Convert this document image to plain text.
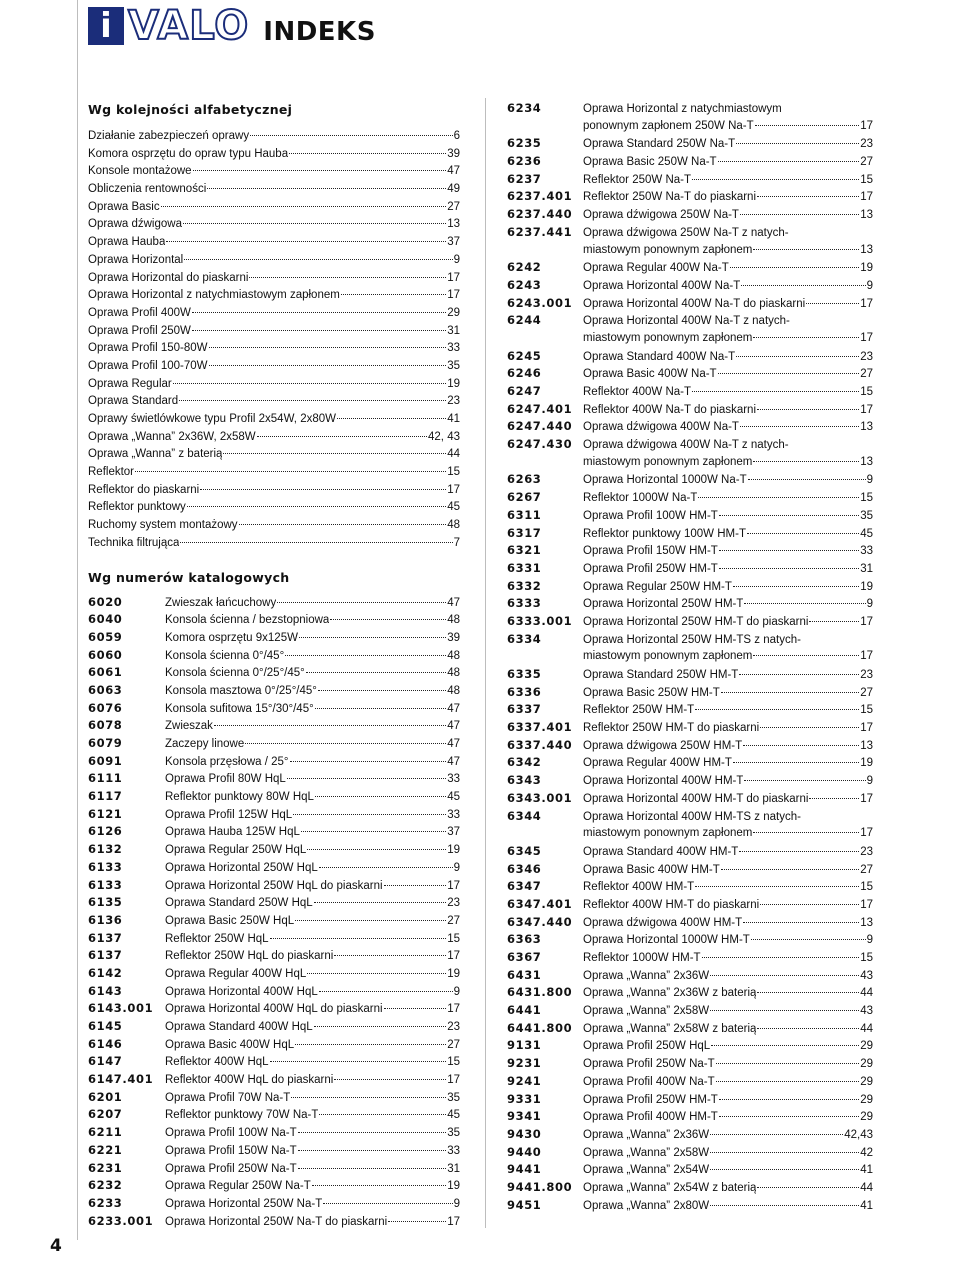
i VALO INDEKS
4
Wg kolejności alfabetycznej
Działanie zabezpieczeń oprawy	6
Komora osprzętu do opraw typu Hauba	39
Konsole montażowe	47
Obliczenia rentowności	49
Oprawa Basic	27
Oprawa dźwigowa	13
Oprawa Hauba	37
Oprawa Horizontal	9
Oprawa Horizontal do piaskarni	17
Oprawa Horizontal z natychmiastowym zapłonem	17
Oprawa Profil 400W	29
Oprawa Profil 250W	31
Oprawa Profil 150-80W	33
Oprawa Profil 100-70W	35
Oprawa Regular	19
Oprawa Standard	23
Oprawy świetlówkowe typu Profil 2x54W, 2x80W	41
Oprawa „Wanna” 2x36W, 2x58W	42, 43
Oprawa „Wanna” z baterią	44
Reflektor	15
Reflektor do piaskarni	17
Reflektor punktowy	45
Ruchomy system montażowy	48
Technika filtrująca	7
Wg numerów katalogowych
6020	Zwieszak łańcuchowy	47
6040	Konsola ścienna / bezstopniowa	48
6059	Komora osprzętu 9x125W	39
6060	Konsola ścienna 0°/45°	48
6061	Konsola ścienna 0°/25°/45°	48
6063	Konsola masztowa 0°/25°/45°	48
6076	Konsola sufitowa 15°/30°/45°	47
6078	Zwieszak	47
6079	Zaczepy linowe	47
6091	Konsola przęsłowa / 25°	47
6111	Oprawa Profil 80W HqL	33
6117	Reflektor punktowy 80W HqL	45
6121	Oprawa Profil 125W HqL	33
6126	Oprawa Hauba 125W HqL	37
6132	Oprawa Regular 250W HqL	19
6133	Oprawa Horizontal 250W HqL	9
6133	Oprawa Horizontal 250W HqL do piaskarni	17
6135	Oprawa Standard 250W HqL	23
6136	Oprawa Basic 250W HqL	27
6137	Reflektor 250W HqL	15
6137	Reflektor 250W HqL do piaskarni	17
6142	Oprawa Regular 400W HqL	19
6143	Oprawa Horizontal 400W HqL	9
6143.001	Oprawa Horizontal 400W HqL do piaskarni	17
6145	Oprawa Standard 400W HqL	23
6146	Oprawa Basic 400W HqL	27
6147	Reflektor 400W HqL	15
6147.401	Reflektor 400W HqL do piaskarni	17
6201	Oprawa Profil 70W Na-T	35
6207	Reflektor punktowy 70W Na-T	45
6211	Oprawa Profil 100W Na-T	35
6221	Oprawa Profil 150W Na-T	33
6231	Oprawa Profil 250W Na-T	31
6232	Oprawa Regular 250W Na-T	19
6233	Oprawa Horizontal 250W Na-T	9
6233.001	Oprawa Horizontal 250W Na-T do piaskarni	17
6234	Oprawa Horizontal z natychmiastowym
ponownym zapłonem 250W Na-T	17
6235	Oprawa Standard 250W Na-T	23
6236	Oprawa Basic 250W Na-T	27
6237	Reflektor 250W Na-T	15
6237.401 Reflektor 250W Na-T do piaskarni	17
6237.440 Oprawa dźwigowa 250W Na-T	13
6237.441 Oprawa dźwigowa 250W Na-T z natych-
miastowym ponownym zapłonem	13
6242	Oprawa Regular 400W Na-T	19
6243	Oprawa Horizontal 400W Na-T	9
6243.001 Oprawa Horizontal 400W Na-T do piaskarni	17
6244	Oprawa Horizontal 400W Na-T z natych-
miastowym ponownym zapłonem	17
6245	Oprawa Standard 400W Na-T	23
6246	Oprawa Basic 400W Na-T	27
6247	Reflektor 400W Na-T	15
6247.401 Reflektor 400W Na-T do piaskarni	17
6247.440 Oprawa dźwigowa 400W Na-T	13
6247.430 Oprawa dźwigowa 400W Na-T z natych-
miastowym ponownym zapłonem	13
6263	Oprawa Horizontal 1000W Na-T	9
6267	Reflektor 1000W Na-T	15
6311	Oprawa Profil 100W HM-T	35
6317	Reflektor punktowy 100W HM-T	45
6321	Oprawa Profil 150W HM-T	33
6331	Oprawa Profil 250W HM-T	31
6332	Oprawa Regular 250W HM-T	19
6333	Oprawa Horizontal 250W HM-T	9
6333.001 Oprawa Horizontal 250W HM-T do piaskarni	17
6334	Oprawa Horizontal 250W HM-TS z natych-
miastowym ponownym zapłonem	17
6335	Oprawa Standard 250W HM-T	23
6336	Oprawa Basic 250W HM-T	27
6337	Reflektor 250W HM-T	15
6337.401 Reflektor 250W HM-T do piaskarni	17
6337.440 Oprawa dźwigowa 250W HM-T	13
6342	Oprawa Regular 400W HM-T	19
6343	Oprawa Horizontal 400W HM-T	9
6343.001 Oprawa Horizontal 400W HM-T do piaskarni	17
6344	Oprawa Horizontal 400W HM-TS z natych-
miastowym ponownym zapłonem	17
6345	Oprawa Standard 400W HM-T	23
6346	Oprawa Basic 400W HM-T	27
6347	Reflektor 400W HM-T	15
6347.401 Reflektor 400W HM-T do piaskarni	17
6347.440 Oprawa dźwigowa 400W HM-T	13
6363	Oprawa Horizontal 1000W HM-T	9
6367	Reflektor 1000W HM-T	15
6431	Oprawa „Wanna” 2x36W	43
6431.800 Oprawa „Wanna” 2x36W z baterią	44
6441	Oprawa „Wanna” 2x58W	43
6441.800 Oprawa „Wanna” 2x58W z baterią	44
9131	Oprawa Profil 250W HqL	29
9231	Oprawa Profil 250W Na-T	29
9241	Oprawa Profil 400W Na-T	29
9331	Oprawa Profil 250W HM-T	29
9341	Oprawa Profil 400W HM-T	29
9430	Oprawa „Wanna” 2x36W	42,43
9440	Oprawa „Wanna” 2x58W	42
9441	Oprawa „Wanna” 2x54W	41
9441.800 Oprawa „Wanna” 2x54W z baterią	44
9451	Oprawa „Wanna” 2x80W	41
